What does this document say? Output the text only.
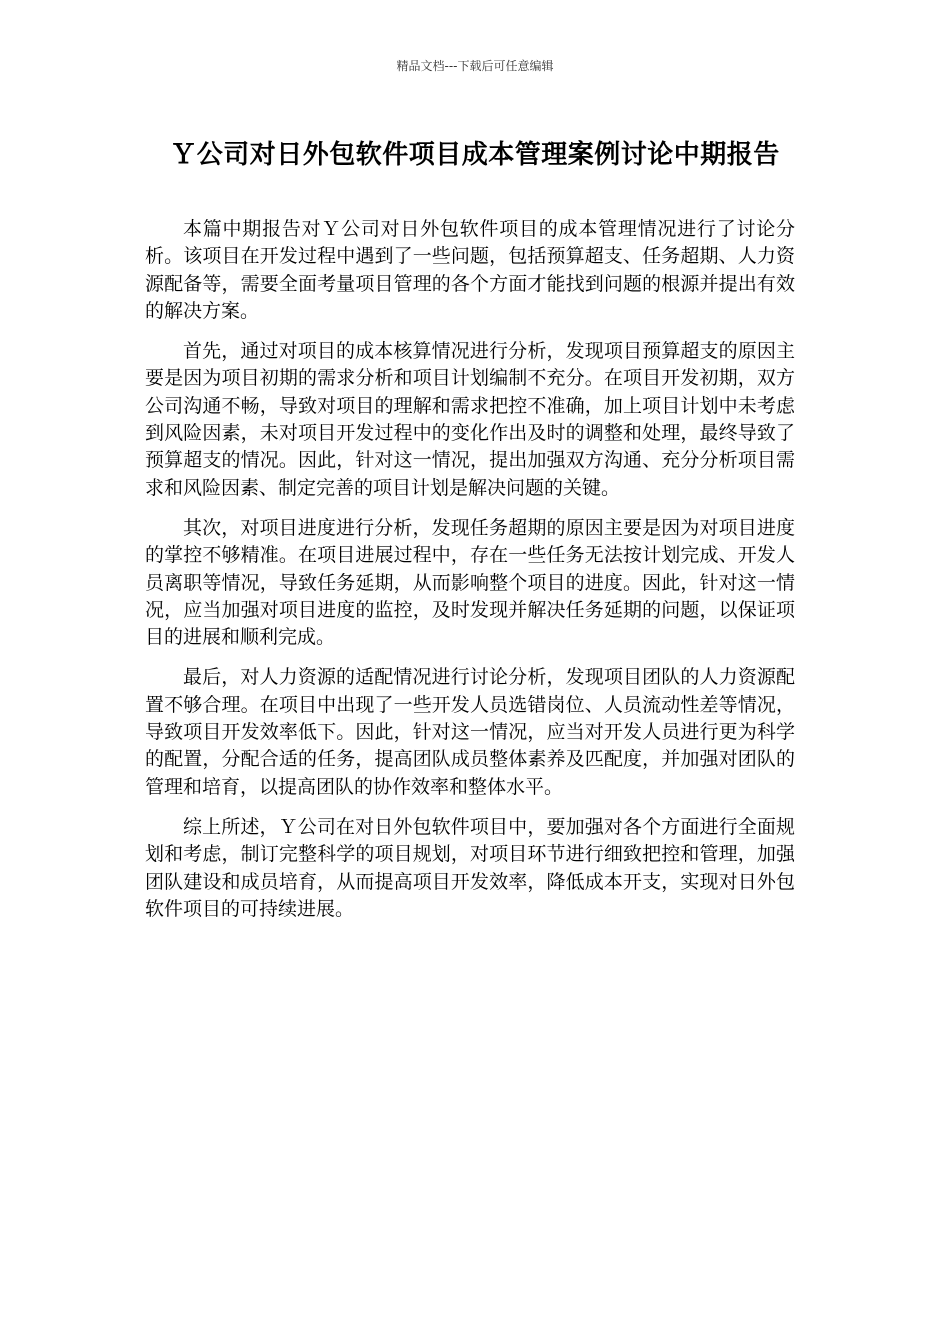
精品文档---下载后可任意编辑
Ｙ公司对日外包软件项目成本管理案例讨论中期报告

本篇中期报告对Ｙ公司对日外包软件项目的成本管理情况进行了讨论分析。该项目在开发过程中遇到了一些问题，包括预算超支、任务超期、人力资源配备等，需要全面考量项目管理的各个方面才能找到问题的根源并提出有效的解决方案。

首先，通过对项目的成本核算情况进行分析，发现项目预算超支的原因主要是因为项目初期的需求分析和项目计划编制不充分。在项目开发初期，双方公司沟通不畅，导致对项目的理解和需求把控不准确，加上项目计划中未考虑到风险因素，未对项目开发过程中的变化作出及时的调整和处理，最终导致了预算超支的情况。因此，针对这一情况，提出加强双方沟通、充分分析项目需求和风险因素、制定完善的项目计划是解决问题的关键。

其次，对项目进度进行分析，发现任务超期的原因主要是因为对项目进度的掌控不够精准。在项目进展过程中，存在一些任务无法按计划完成、开发人员离职等情况，导致任务延期，从而影响整个项目的进度。因此，针对这一情况，应当加强对项目进度的监控，及时发现并解决任务延期的问题，以保证项目的进展和顺利完成。

最后，对人力资源的适配情况进行讨论分析，发现项目团队的人力资源配置不够合理。在项目中出现了一些开发人员选错岗位、人员流动性差等情况，导致项目开发效率低下。因此，针对这一情况，应当对开发人员进行更为科学的配置，分配合适的任务，提高团队成员整体素养及匹配度，并加强对团队的管理和培育，以提高团队的协作效率和整体水平。

综上所述，Ｙ公司在对日外包软件项目中，要加强对各个方面进行全面规划和考虑，制订完整科学的项目规划，对项目环节进行细致把控和管理，加强团队建设和成员培育，从而提高项目开发效率，降低成本开支，实现对日外包软件项目的可持续进展。
